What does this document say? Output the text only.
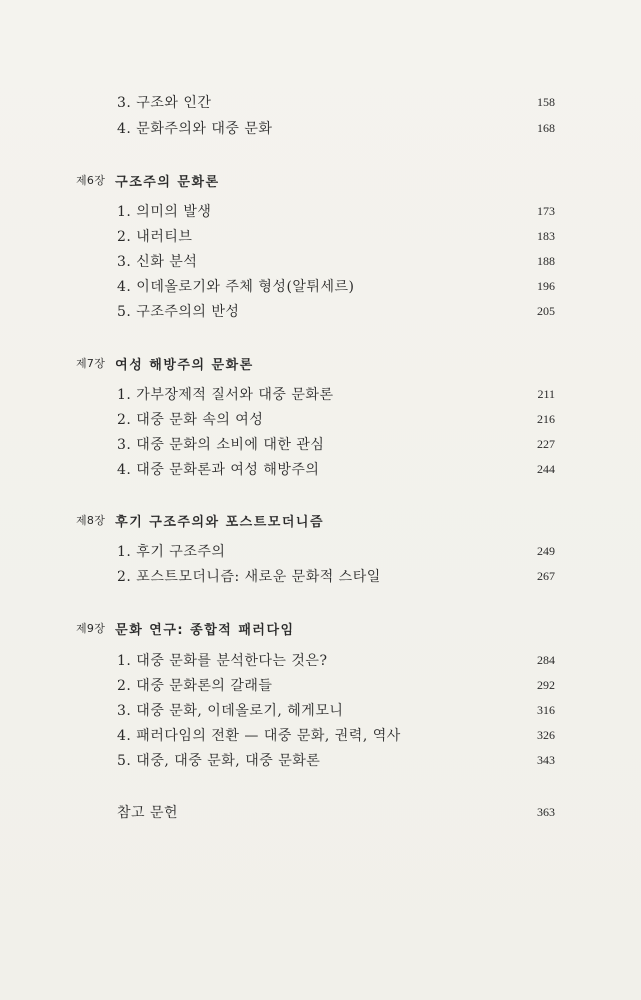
3. 구조와 인간	158
4. 문화주의와 대중 문화	168
제6장 구조주의 문화론
1. 의미의 발생	173
2. 내러티브	183
3. 신화 분석	188
4. 이데올로기와 주체 형성(알튀세르)	196
5. 구조주의의 반성	205
제7장 여성 해방주의 문화론
1. 가부장제적 질서와 대중 문화론	211
2. 대중 문화 속의 여성	216
3. 대중 문화의 소비에 대한 관심	227
4. 대중 문화론과 여성 해방주의	244
제8장 후기 구조주의와 포스트모더니즘
1. 후기 구조주의	249
2. 포스트모더니즘: 새로운 문화적 스타일	267
제9장 문화 연구: 종합적 패러다임
1. 대중 문화를 분석한다는 것은?	284
2. 대중 문화론의 갈래들	292
3. 대중 문화, 이데올로기, 헤게모니	316
4. 패러다임의 전환 — 대중 문화, 권력, 역사	326
5. 대중, 대중 문화, 대중 문화론	343
참고 문헌	363
